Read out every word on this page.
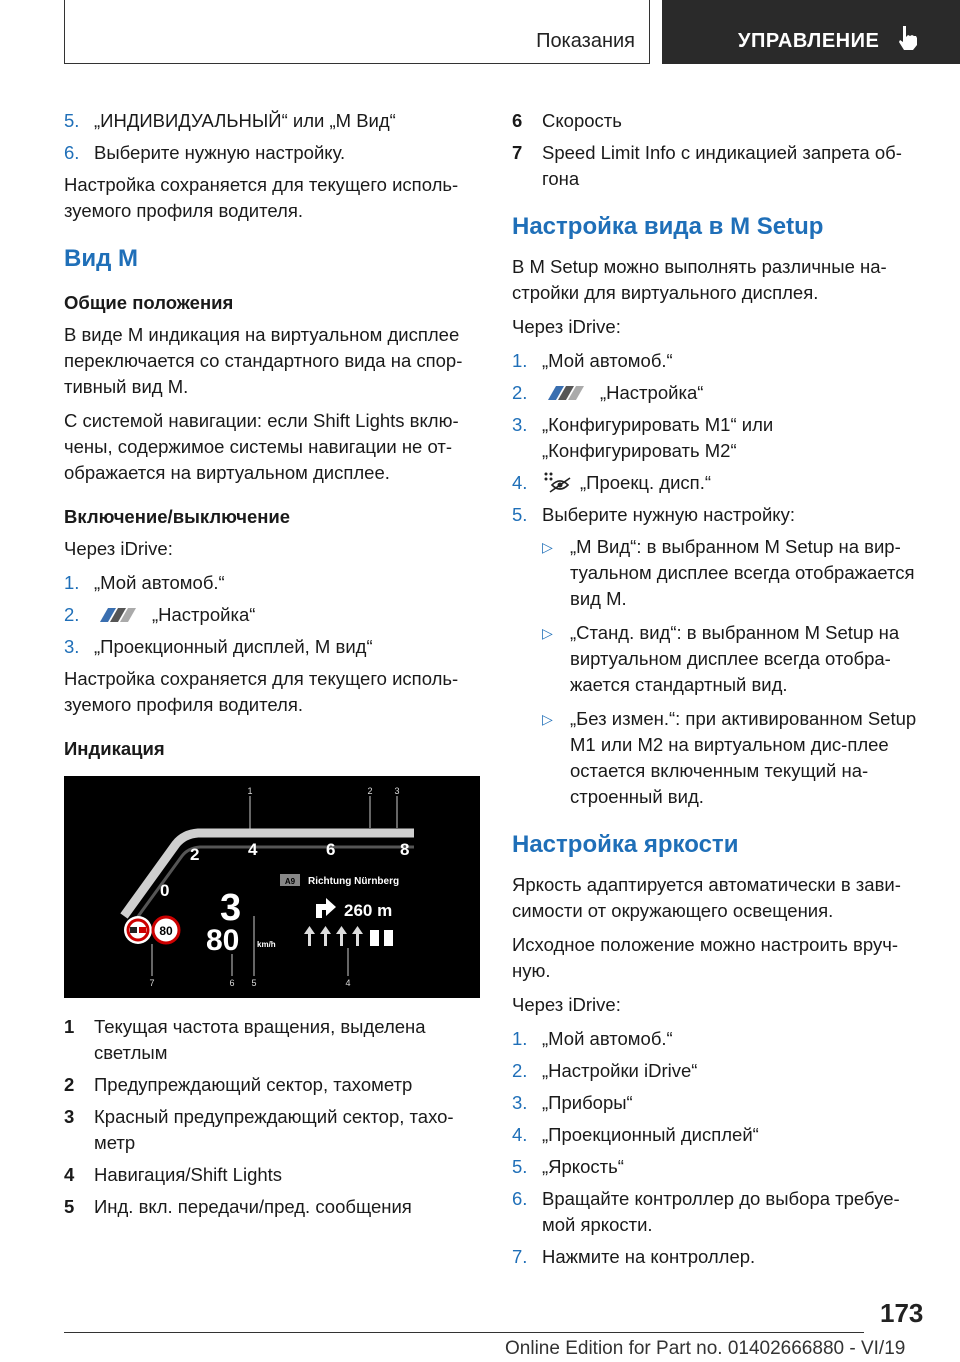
Показания	УПРАВЛЕНИЕ
5. „ИНДИВИДУАЛЬНЫЙ“ или „M Вид“
6. Выберите нужную настройку.

Настройка сохраняется для текущего исполь-зуемого профиля водителя.

Вид M
Общие положения

В виде M индикация на виртуальном дисплее переключается со стандартного вида на спор-тивный вид M.

С системой навигации: если Shift Lights вклю-чены, содержимое системы навигации не от-ображается на виртуальном дисплее.

Включение/выключение

Через iDrive:

1. „Мой автомоб.“
2.	„Настройка“
3. „Проекционный дисплей, M вид“

Настройка сохраняется для текущего исполь-зуемого профиля водителя.

Индикация
1	2 3
0
2	4	6	8
A9 Richtung Nürnberg
260 m
3
80 km/h
80
7	6 5	4
1	Текущая частота вращения, выделена светлым
2	Предупреждающий сектор, тахометр
3	Красный предупреждающий сектор, тахо-метр
4	Навигация/Shift Lights
5	Инд. вкл. передачи/пред. сообщения
6	Скорость
7	Speed Limit Info с индикацией запрета об-гона
Настройка вида в M Setup

В M Setup можно выполнять различные на-стройки для виртуального дисплея.

Через iDrive:

1. „Мой автомоб.“
2.	„Настройка“
3. „Конфигурировать M1“ или „Конфигурировать M2“
4.	„Проекц. дисп.“
5. Выберите нужную настройку:
▷ „M Вид“: в выбранном M Setup на вир-туальном дисплее всегда отображается вид M.
▷ „Станд. вид“: в выбранном M Setup на виртуальном дисплее всегда отобра-жается стандартный вид.
▷ „Без измен.“: при активированном Setup M1 или M2 на виртуальном дис-плее остается включенным текущий на-строенный вид.
Настройка яркости

Яркость адаптируется автоматически в зави-симости от окружающего освещения.

Исходное положение можно настроить вруч-ную.

Через iDrive:

1. „Мой автомоб.“
2. „Настройки iDrive“
3. „Приборы“
4. „Проекционный дисплей“
5. „Яркость“
6. Вращайте контроллер до выбора требуе-мой яркости.
7. Нажмите на контроллер.
173
Online Edition for Part no. 01402666880 - VI/19
